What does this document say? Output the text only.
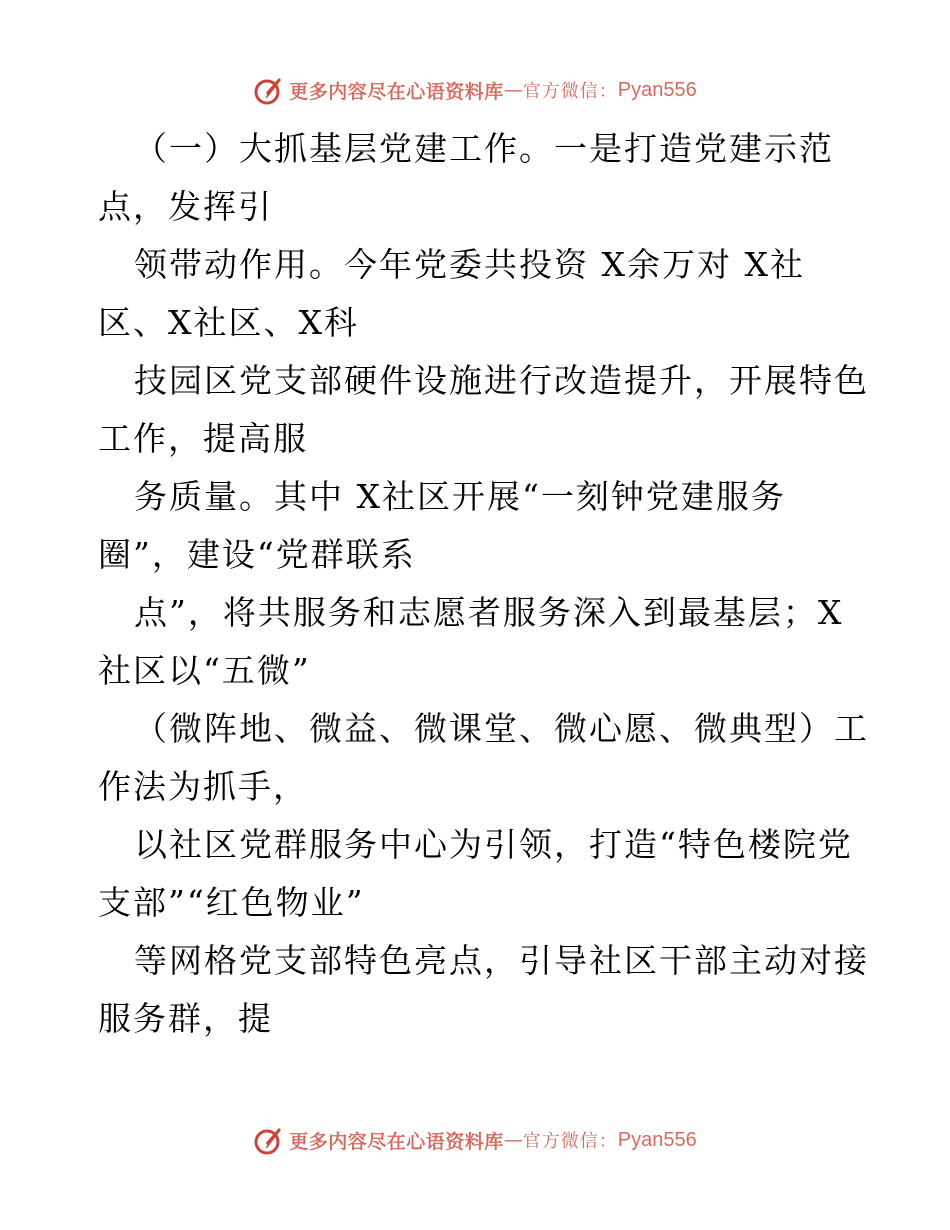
更多内容尽在心语资料库 — 官方微信： Pyan556
（一）大抓基层党建工作。一是打造党建示范
点，发挥引
领带动作用。今年党委共投资 X余万对 X社
区、X社区、X科
技园区党支部硬件设施进行改造提升，开展特色
工作，提高服
务质量。其中 X社区开展“一刻钟党建服务
圈”，建设“党群联系
点”，将共服务和志愿者服务深入到最基层；X
社区以“五微”
（微阵地、微益、微课堂、微心愿、微典型）工
作法为抓手，
以社区党群服务中心为引领，打造“特色楼院党
支部”“红色物业”
等网格党支部特色亮点，引导社区干部主动对接
服务群，提
更多内容尽在心语资料库 — 官方微信： Pyan556
